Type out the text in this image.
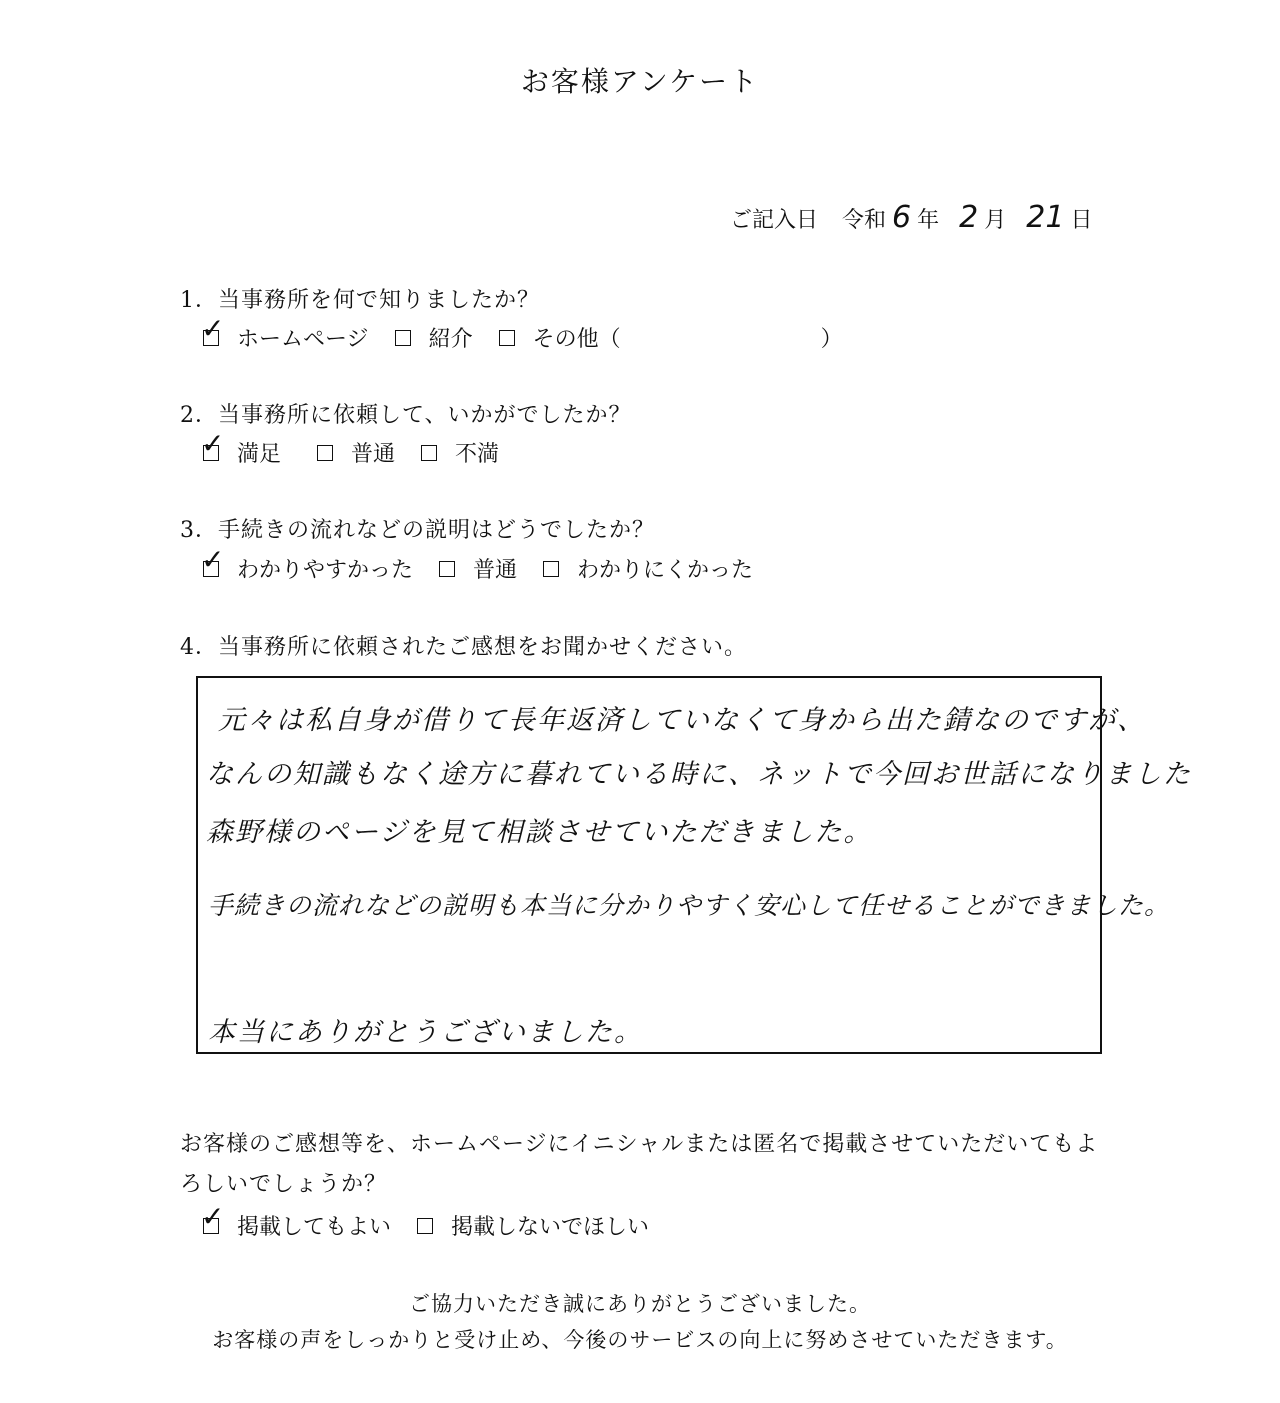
お客様アンケート
ご記入日 令和 6 年 2 月 21 日
1．当事務所を何で知りましたか？
✓ ホームページ	紹介	その他（	）
2．当事務所に依頼して、いかがでしたか？
✓ 満足	普通	不満
3．手続きの流れなどの説明はどうでしたか？
✓ わかりやすかった	普通	わかりにくかった
4．当事務所に依頼されたご感想をお聞かせください。
元々は私自身が借りて長年返済していなくて身から出た錆なのですが、
なんの知識もなく途方に暮れている時に、ネットで今回お世話になりました
森野様のページを見て相談させていただきました。
手続きの流れなどの説明も本当に分かりやすく安心して任せることができました。
本当にありがとうございました。
お客様のご感想等を、ホームページにイニシャルまたは匿名で掲載させていただいてもよろしいでしょうか？
✓ 掲載してもよい	掲載しないでほしい
ご協力いただき誠にありがとうございました。
お客様の声をしっかりと受け止め、今後のサービスの向上に努めさせていただきます。
